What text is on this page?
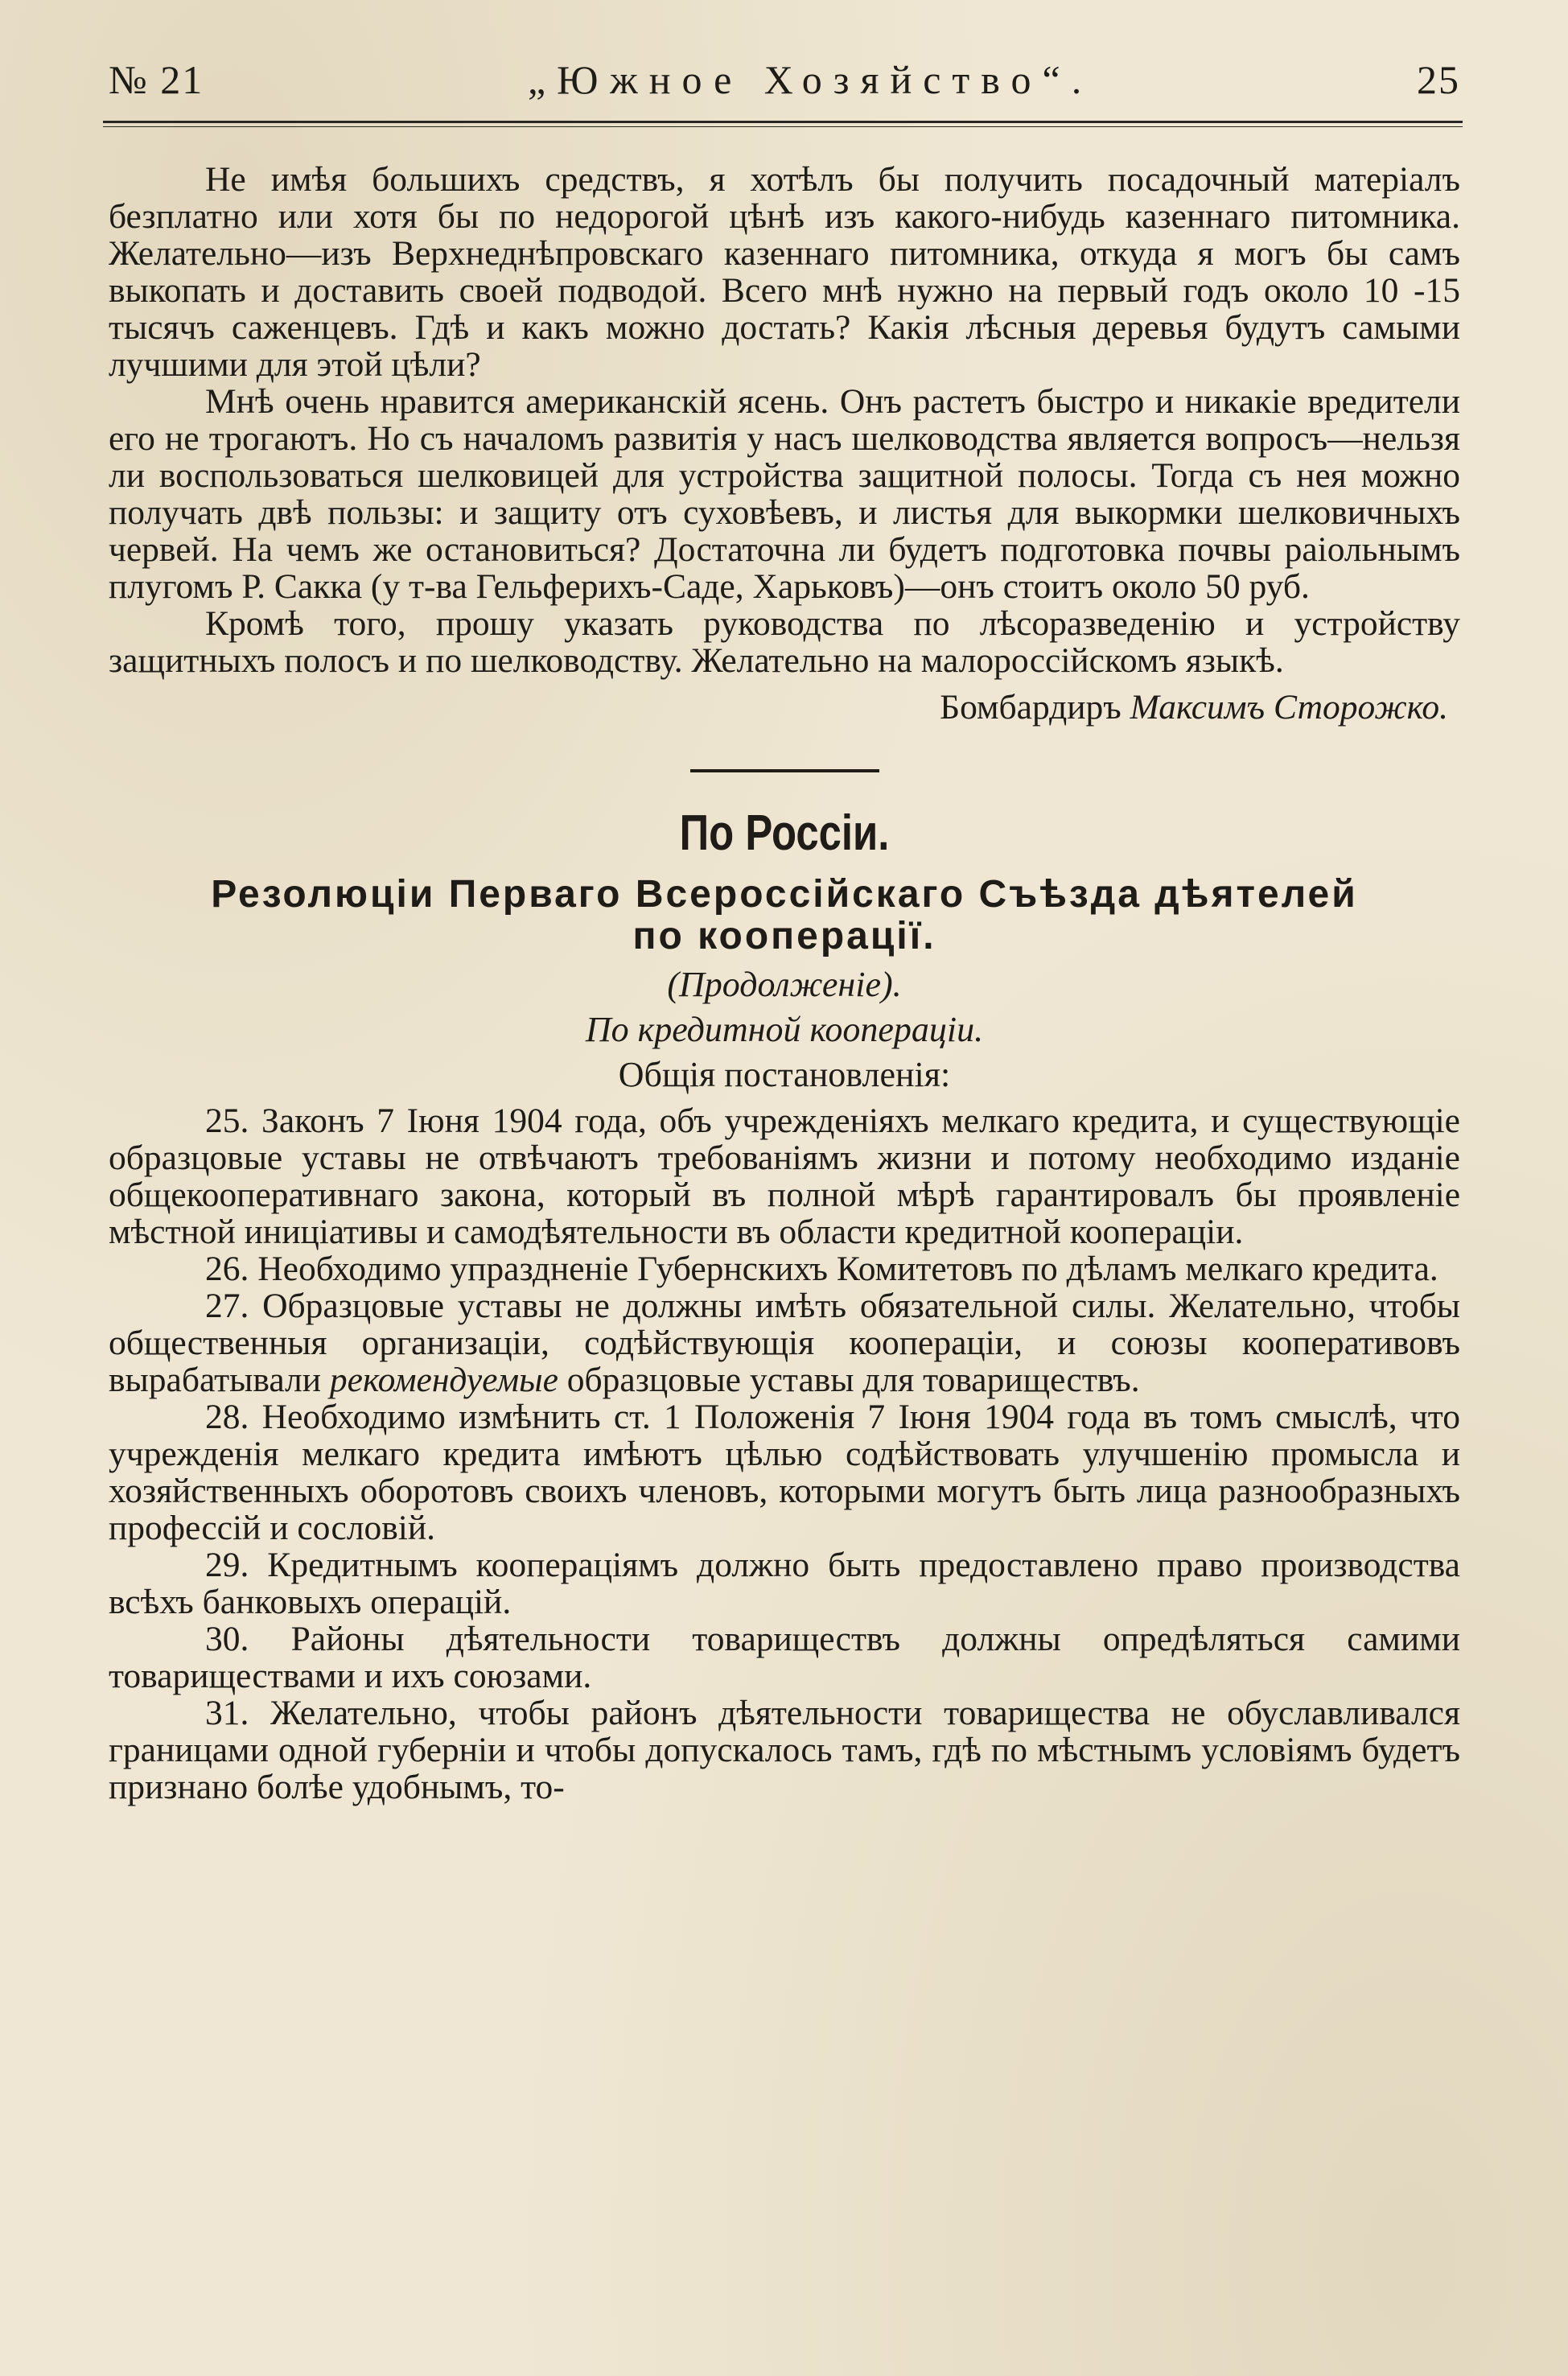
№ 21	„Южное Хозяйство“.	25

Не имѣя большихъ средствъ, я хотѣлъ бы получить посадочный матеріалъ безплатно или хотя бы по недорогой цѣнѣ изъ какого-нибудь казеннаго питомника. Желательно—изъ Верхнеднѣпровскаго казеннаго питомника, откуда я могъ бы самъ выкопать и доставить своей подводой. Всего мнѣ нужно на первый годъ около 10 -15 тысячъ саженцевъ. Гдѣ и какъ можно достать? Какія лѣсныя деревья будутъ самыми лучшими для этой цѣли?

Мнѣ очень нравится американскій ясень. Онъ растетъ быстро и никакіе вредители его не трогаютъ. Но съ началомъ развитія у насъ шелководства является вопросъ—нельзя ли воспользоваться шелковицей для устройства защитной полосы. Тогда съ нея можно получать двѣ пользы: и защиту отъ суховѣевъ, и листья для выкормки шелковичныхъ червей. На чемъ же остановиться? Достаточна ли будетъ подготовка почвы раіольнымъ плугомъ Р. Сакка (у т-ва Гельферихъ-Саде, Харьковъ)—онъ стоитъ около 50 руб.

Кромѣ того, прошу указать руководства по лѣсоразведенію и устройству защитныхъ полосъ и по шелководству. Желательно на малороссійскомъ языкѣ.

Бомбардиръ Максимъ Сторожко.
По Россіи.
Резолюціи Перваго Всероссійскаго Съѣзда дѣятелей
по кооперації.
(Продолженіе).
По кредитной коопераціи.
Общія постановленія:

25. Законъ 7 Іюня 1904 года, объ учрежденіяхъ мелкаго кредита, и существующіе образцовые уставы не отвѣчаютъ требованіямъ жизни и потому необходимо изданіе общекооперативнаго закона, который въ полной мѣрѣ гарантировалъ бы проявленіе мѣстной иниціативы и самодѣятельности въ области кредитной коопераціи.

26. Необходимо упраздненіе Губернскихъ Комитетовъ по дѣламъ мелкаго кредита.

27. Образцовые уставы не должны имѣть обязательной силы. Желательно, чтобы общественныя организаціи, содѣйствующія коопераціи, и союзы кооперативовъ вырабатывали рекомендуемые образцовые уставы для товариществъ.

28. Необходимо измѣнить ст. 1 Положенія 7 Іюня 1904 года въ томъ смыслѣ, что учрежденія мелкаго кредита имѣютъ цѣлью содѣйствовать улучшенію промысла и хозяйственныхъ оборотовъ своихъ членовъ, которыми могутъ быть лица разнообразныхъ профессій и сословій.

29. Кредитнымъ коопераціямъ должно быть предоставлено право производства всѣхъ банковыхъ операцій.

30. Районы дѣятельности товариществъ должны опредѣляться самими товариществами и ихъ союзами.

31. Желательно, чтобы районъ дѣятельности товарищества не обуславливался границами одной губерніи и чтобы допускалось тамъ, гдѣ по мѣстнымъ условіямъ будетъ признано болѣе удобнымъ, то-
